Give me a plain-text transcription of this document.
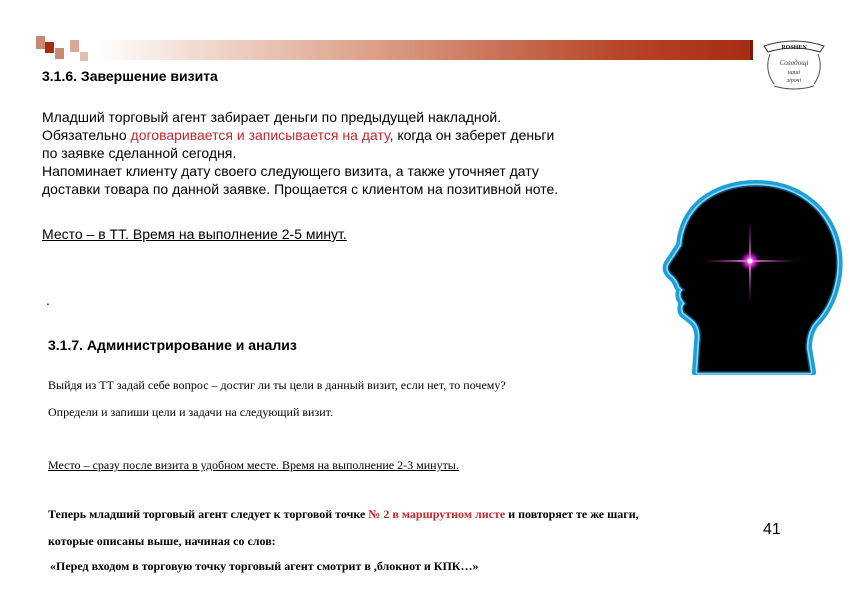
ROSHEN
Солодощі
наші
зірочі
3.1.6. Завершение визита

Младший торговый агент забирает деньги по предыдущей накладной.

Обязательно договаривается и записывается на дату, когда он заберет деньги

по заявке сделанной сегодня.

Напоминает клиенту дату своего следующего визита, а также уточняет дату

доставки товара по данной заявке. Прощается с клиентом на позитивной ноте.

Место – в ТТ. Время на выполнение 2-5 минут.
.
3.1.7. Администрирование и анализ
Выйдя из ТТ задай себе вопрос – достиг ли ты цели в данный визит, если нет, то почему?
Определи и запиши цели и задачи на следующий визит.
Место – сразу после визита в удобном месте. Время на выполнение 2-3 минуты.
Теперь младший торговый агент следует к торговой точке № 2 в маршрутном листе и повторяет те же шаги,
которые описаны выше, начиная со слов:
«Перед входом в торговую точку торговый агент смотрит в ,блокнот и КПК…»
41
